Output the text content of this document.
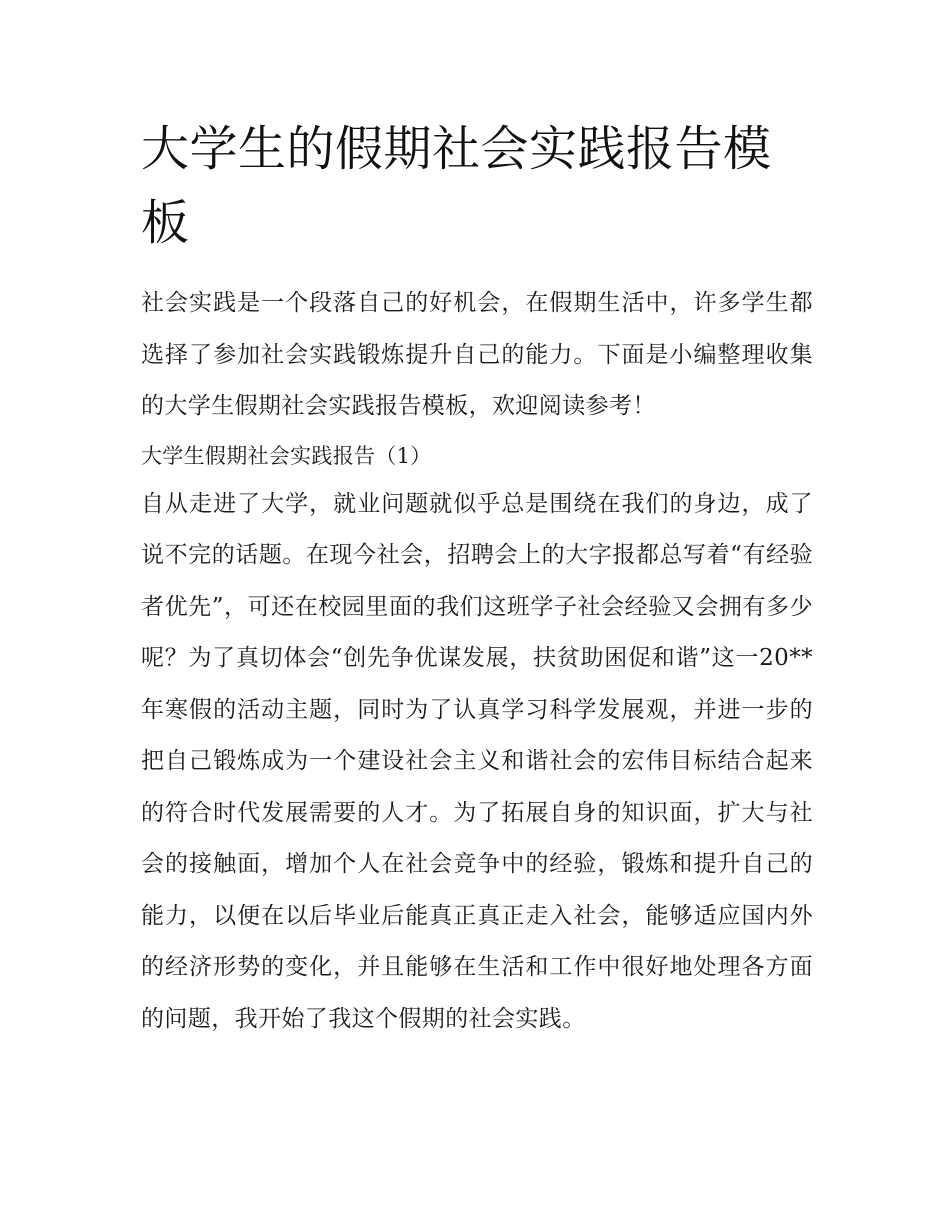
大学生的假期社会实践报告模板

社会实践是一个段落自己的好机会，在假期生活中，许多学生都选择了参加社会实践锻炼提升自己的能力。下面是小编整理收集的大学生假期社会实践报告模板，欢迎阅读参考！

大学生假期社会实践报告（1）

自从走进了大学，就业问题就似乎总是围绕在我们的身边，成了说不完的话题。在现今社会，招聘会上的大字报都总写着“有经验者优先”，可还在校园里面的我们这班学子社会经验又会拥有多少呢？为了真切体会“创先争优谋发展，扶贫助困促和谐”这一20**年寒假的活动主题，同时为了认真学习科学发展观，并进一步的把自己锻炼成为一个建设社会主义和谐社会的宏伟目标结合起来的符合时代发展需要的人才。为了拓展自身的知识面，扩大与社会的接触面，增加个人在社会竞争中的经验，锻炼和提升自己的能力，以便在以后毕业后能真正真正走入社会，能够适应国内外的经济形势的变化，并且能够在生活和工作中很好地处理各方面的问题，我开始了我这个假期的社会实践。
